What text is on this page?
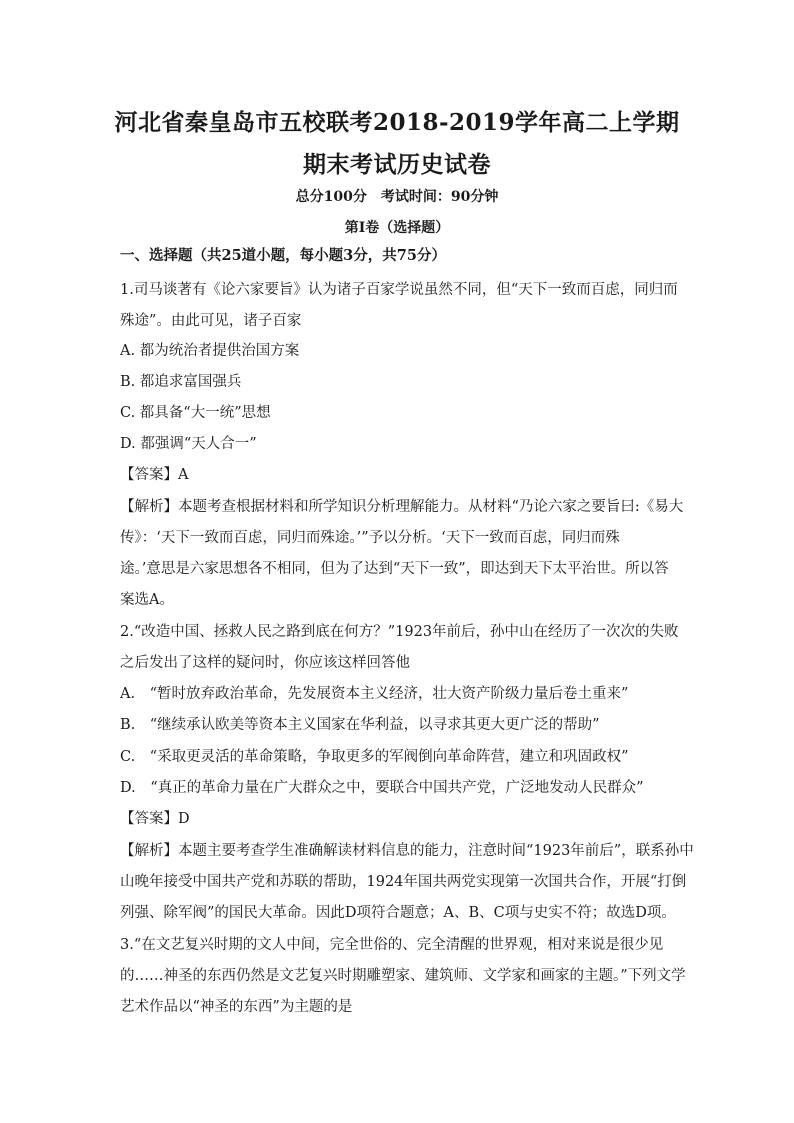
河北省秦皇岛市五校联考2018-2019学年高二上学期
期末考试历史试卷
总分100分　考试时间：90分钟
第Ⅰ卷（选择题）
一、选择题（共25道小题，每小题3分，共75分）
1.司马谈著有《论六家要旨》认为诸子百家学说虽然不同，但“天下一致而百虑，同归而
殊途”。由此可见，诸子百家
A. 都为统治者提供治国方案
B. 都追求富国强兵
C. 都具备“大一统”思想
D. 都强调“天人合一”
【答案】A
【解析】本题考查根据材料和所学知识分析理解能力。从材料“乃论六家之要旨曰:《易大
传》：‘天下一致而百虑，同归而殊途。’”予以分析。‘天下一致而百虑，同归而殊
途。’意思是六家思想各不相同，但为了达到“天下一致”，即达到天下太平治世。所以答
案选A。
2.“改造中国、拯救人民之路到底在何方？”1923年前后，孙中山在经历了一次次的失败
之后发出了这样的疑问时，你应该这样回答他
A.　“暂时放弃政治革命，先发展资本主义经济，壮大资产阶级力量后卷土重来”
B.　“继续承认欧美等资本主义国家在华利益，以寻求其更大更广泛的帮助”
C.　“采取更灵活的革命策略，争取更多的军阀倒向革命阵营，建立和巩固政权”
D.　“真正的革命力量在广大群众之中，要联合中国共产党，广泛地发动人民群众”
【答案】D
【解析】本题主要考查学生准确解读材料信息的能力，注意时间“1923年前后”，联系孙中
山晚年接受中国共产党和苏联的帮助，1924年国共两党实现第一次国共合作，开展“打倒
列强、除军阀”的国民大革命。因此D项符合题意；A、B、C项与史实不符；故选D项。
3.“在文艺复兴时期的文人中间，完全世俗的、完全清醒的世界观，相对来说是很少见
的……神圣的东西仍然是文艺复兴时期雕塑家、建筑师、文学家和画家的主题。”下列文学
艺术作品以“神圣的东西”为主题的是
